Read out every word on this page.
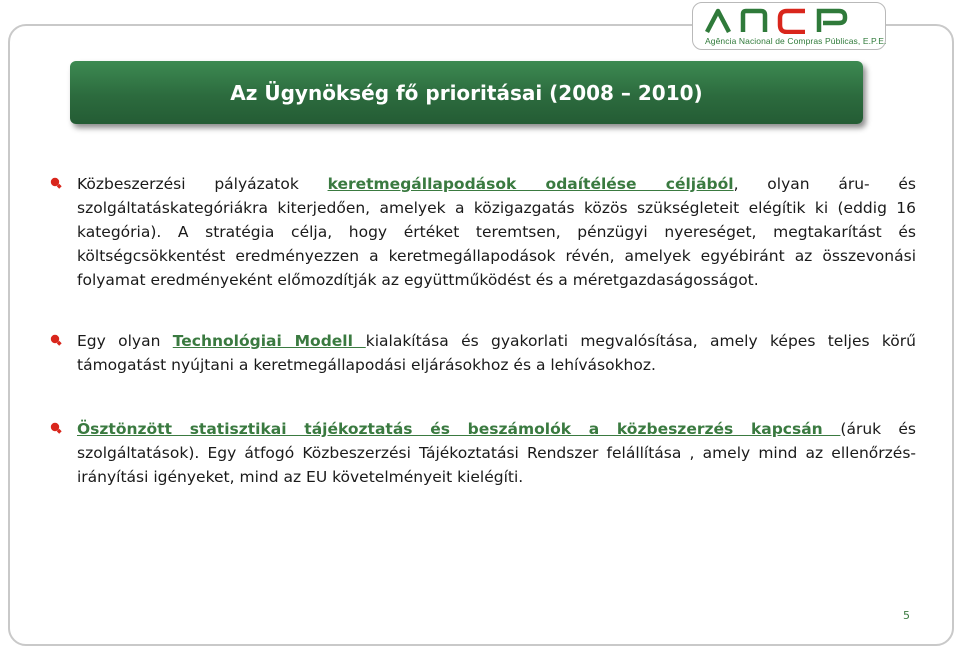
Agência Nacional de Compras Públicas, E.P.E.
Az Ügynökség fő prioritásai (2008 – 2010)

Közbeszerzési pályázatok keretmegállapodások odaítélése céljából, olyan áru- és szolgáltatáskategóriákra kiterjedően, amelyek a közigazgatás közös szükségleteit elégítik ki (eddig 16 kategória). A stratégia célja, hogy értéket teremtsen, pénzügyi nyereséget, megtakarítást és költségcsökkentést eredményezzen a keretmegállapodások révén, amelyek egyébiránt az összevonási folyamat eredményeként előmozdítják az együttműködést és a méretgazdaságosságot.

Egy olyan Technológiai Modell kialakítása és gyakorlati megvalósítása, amely képes teljes körű támogatást nyújtani a keretmegállapodási eljárásokhoz és a lehívásokhoz.

Ösztönzött statisztikai tájékoztatás és beszámolók a közbeszerzés kapcsán (áruk és szolgáltatások). Egy átfogó Közbeszerzési Tájékoztatási Rendszer felállítása , amely mind az ellenőrzés-irányítási igényeket, mind az EU követelményeit kielégíti.

5
